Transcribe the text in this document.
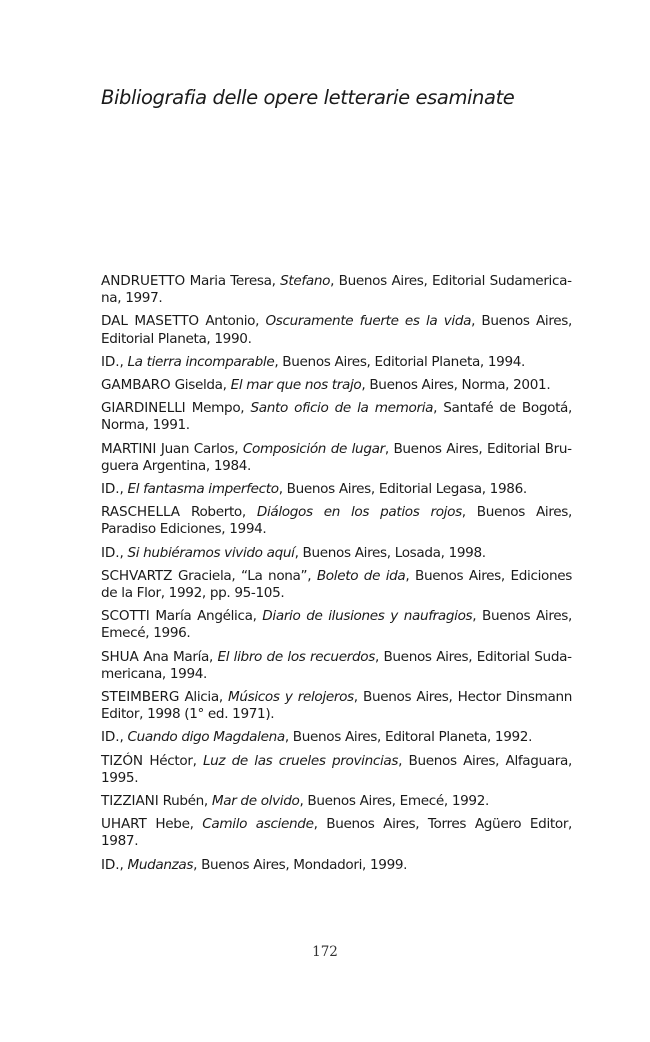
Bibliografia delle opere letterarie esaminate

ANDRUETTO Maria Teresa, Stefano, Buenos Aires, Editorial Sudamericana, 1997.

DAL MASETTO Antonio, Oscuramente fuerte es la vida, Buenos Aires, Editorial Planeta, 1990.

ID., La tierra incomparable, Buenos Aires, Editorial Planeta, 1994.

GAMBARO Giselda, El mar que nos trajo, Buenos Aires, Norma, 2001.

GIARDINELLI Mempo, Santo oficio de la memoria, Santafé de Bogotá, Norma, 1991.

MARTINI Juan Carlos, Composición de lugar, Buenos Aires, Editorial Bruguera Argentina, 1984.

ID., El fantasma imperfecto, Buenos Aires, Editorial Legasa, 1986.

RASCHELLA Roberto, Diálogos en los patios rojos, Buenos Aires, Paradiso Ediciones, 1994.

ID., Si hubiéramos vivido aquí, Buenos Aires, Losada, 1998.

SCHVARTZ Graciela, “La nona”, Boleto de ida, Buenos Aires, Ediciones de la Flor, 1992, pp. 95-105.

SCOTTI María Angélica, Diario de ilusiones y naufragios, Buenos Aires, Emecé, 1996.

SHUA Ana María, El libro de los recuerdos, Buenos Aires, Editorial Sudamericana, 1994.

STEIMBERG Alicia, Músicos y relojeros, Buenos Aires, Hector Dinsmann Editor, 1998 (1° ed. 1971).

ID., Cuando digo Magdalena, Buenos Aires, Editoral Planeta, 1992.

TIZÓN Héctor, Luz de las crueles provincias, Buenos Aires, Alfaguara, 1995.

TIZZIANI Rubén, Mar de olvido, Buenos Aires, Emecé, 1992.

UHART Hebe, Camilo asciende, Buenos Aires, Torres Agüero Editor, 1987.

ID., Mudanzas, Buenos Aires, Mondadori, 1999.

172
